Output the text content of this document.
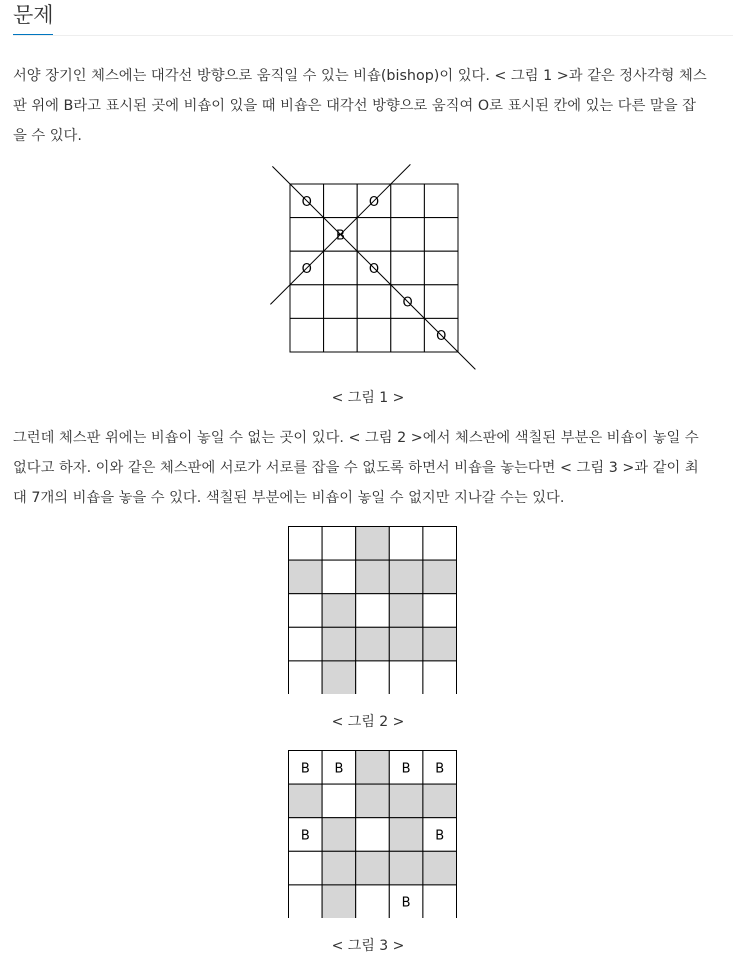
문제
서양 장기인 체스에는 대각선 방향으로 움직일 수 있는 비숍(bishop)이 있다. < 그림 1 >과 같은 정사각형 체스
판 위에 B라고 표시된 곳에 비숍이 있을 때 비숍은 대각선 방향으로 움직여 O로 표시된 칸에 있는 다른 말을 잡
을 수 있다.
B
O	O
O	O
O
O
< 그림 1 >
그런데 체스판 위에는 비숍이 놓일 수 없는 곳이 있다. < 그림 2 >에서 체스판에 색칠된 부분은 비숍이 놓일 수
없다고 하자. 이와 같은 체스판에 서로가 서로를 잡을 수 없도록 하면서 비숍을 놓는다면 < 그림 3 >과 같이 최
대 7개의 비숍을 놓을 수 있다. 색칠된 부분에는 비숍이 놓일 수 없지만 지나갈 수는 있다.
< 그림 2 >
B B	B B
B	B
B
< 그림 3 >
